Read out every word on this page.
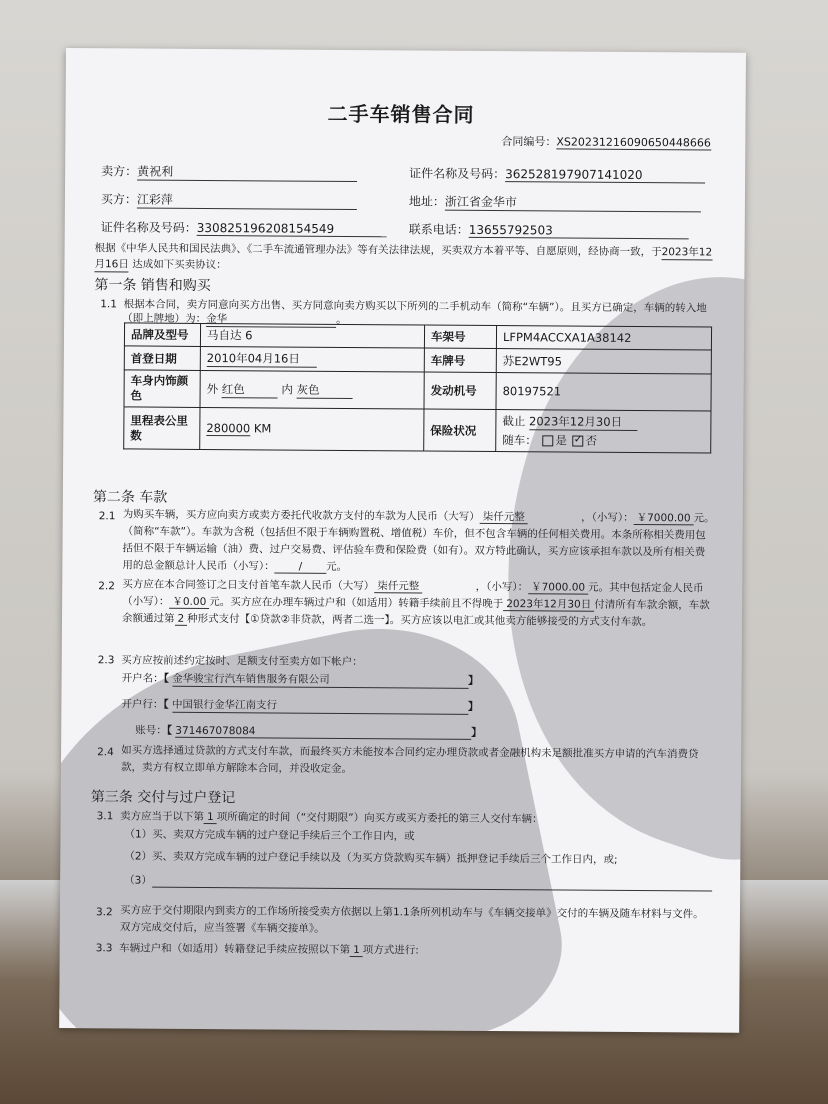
二手车销售合同
合同编号：XS20231216090650448666
卖方：黄祝利	证件名称及号码：362528197907141020
买方：江彩萍	地址：浙江省金华市
证件名称及号码：330825196208154549	联系电话：13655792503
根据《中华人民共和国民法典》、《二手车流通管理办法》等有关法律法规，买卖双方本着平等、自愿原则，经协商一致，于2023年12
月16日 达成如下买卖协议：
第一条 销售和购买
1.1 根据本合同，卖方同意向买方出售、买方同意向卖方购买以下所列的二手机动车（简称“车辆”）。且买方已确定，车辆的转入地
（即上牌地）为：金华	。
品牌及型号	马自达 6	车架号	LFPM4ACCXA1A38142
首登日期	2010年04月16日	车牌号	苏E2WT95
车身内饰颜色	外 红色 内 灰色	发动机号	80197521
里程表公里数	280000 KM	保险状况	截止 2023年12月30日
随车： 是 ✓ 否
第二条 车款
2.1 为购买车辆，买方应向卖方或卖方委托代收款方支付的车款为人民币（大写） 柒仟元整	，（小写）： ￥7000.00 元。（简称“车款”）。车款为含税（包括但不限于车辆购置税、增值税）车价，但不包含车辆的任何相关费用。本条所称相关费用包括但不限于车辆运输（油）费、过户交易费、评估验车费和保险费（如有）。双方特此确认，买方应该承担车款以及所有相关费用的总金额总计人民币（小写）： / 元。
2.2 买方应在本合同签订之日支付首笔车款人民币（大写） 柒仟元整	，（小写）： ￥7000.00 元。其中包括定金人民币（小写）： ￥0.00 元。买方应在办理车辆过户和（如适用）转籍手续前且不得晚于 2023年12月30日 付清所有车款余额，车款余额通过第 2 种形式支付【①贷款②非贷款，两者二选一】。买方应该以电汇或其他卖方能够接受的方式支付车款。
2.3 买方应按前述约定按时、足额支付至卖方如下帐户：
开户名：【 金华骏宝行汽车销售服务有限公司	】
开户行：【 中国银行金华江南支行	】
账号：【 371467078084	】
2.4 如买方选择通过贷款的方式支付车款，而最终买方未能按本合同约定办理贷款或者金融机构未足额批准买方申请的汽车消费贷款，卖方有权立即单方解除本合同，并没收定金。
第三条 交付与过户登记
3.1 卖方应当于以下第 1 项所确定的时间（“交付期限”）向买方或买方委托的第三人交付车辆：
（1）买、卖双方完成车辆的过户登记手续后三个工作日内，或
（2）买、卖双方完成车辆的过户登记手续以及（为买方贷款购买车辆）抵押登记手续后三个工作日内，或;
（3）
3.2 买方应于交付期限内到卖方的工作场所接受卖方依据以上第1.1条所列机动车与《车辆交接单》交付的车辆及随车材料与文件。双方完成交付后，应当签署《车辆交接单》。
3.3 车辆过户和（如适用）转籍登记手续应按照以下第 1 项方式进行:
